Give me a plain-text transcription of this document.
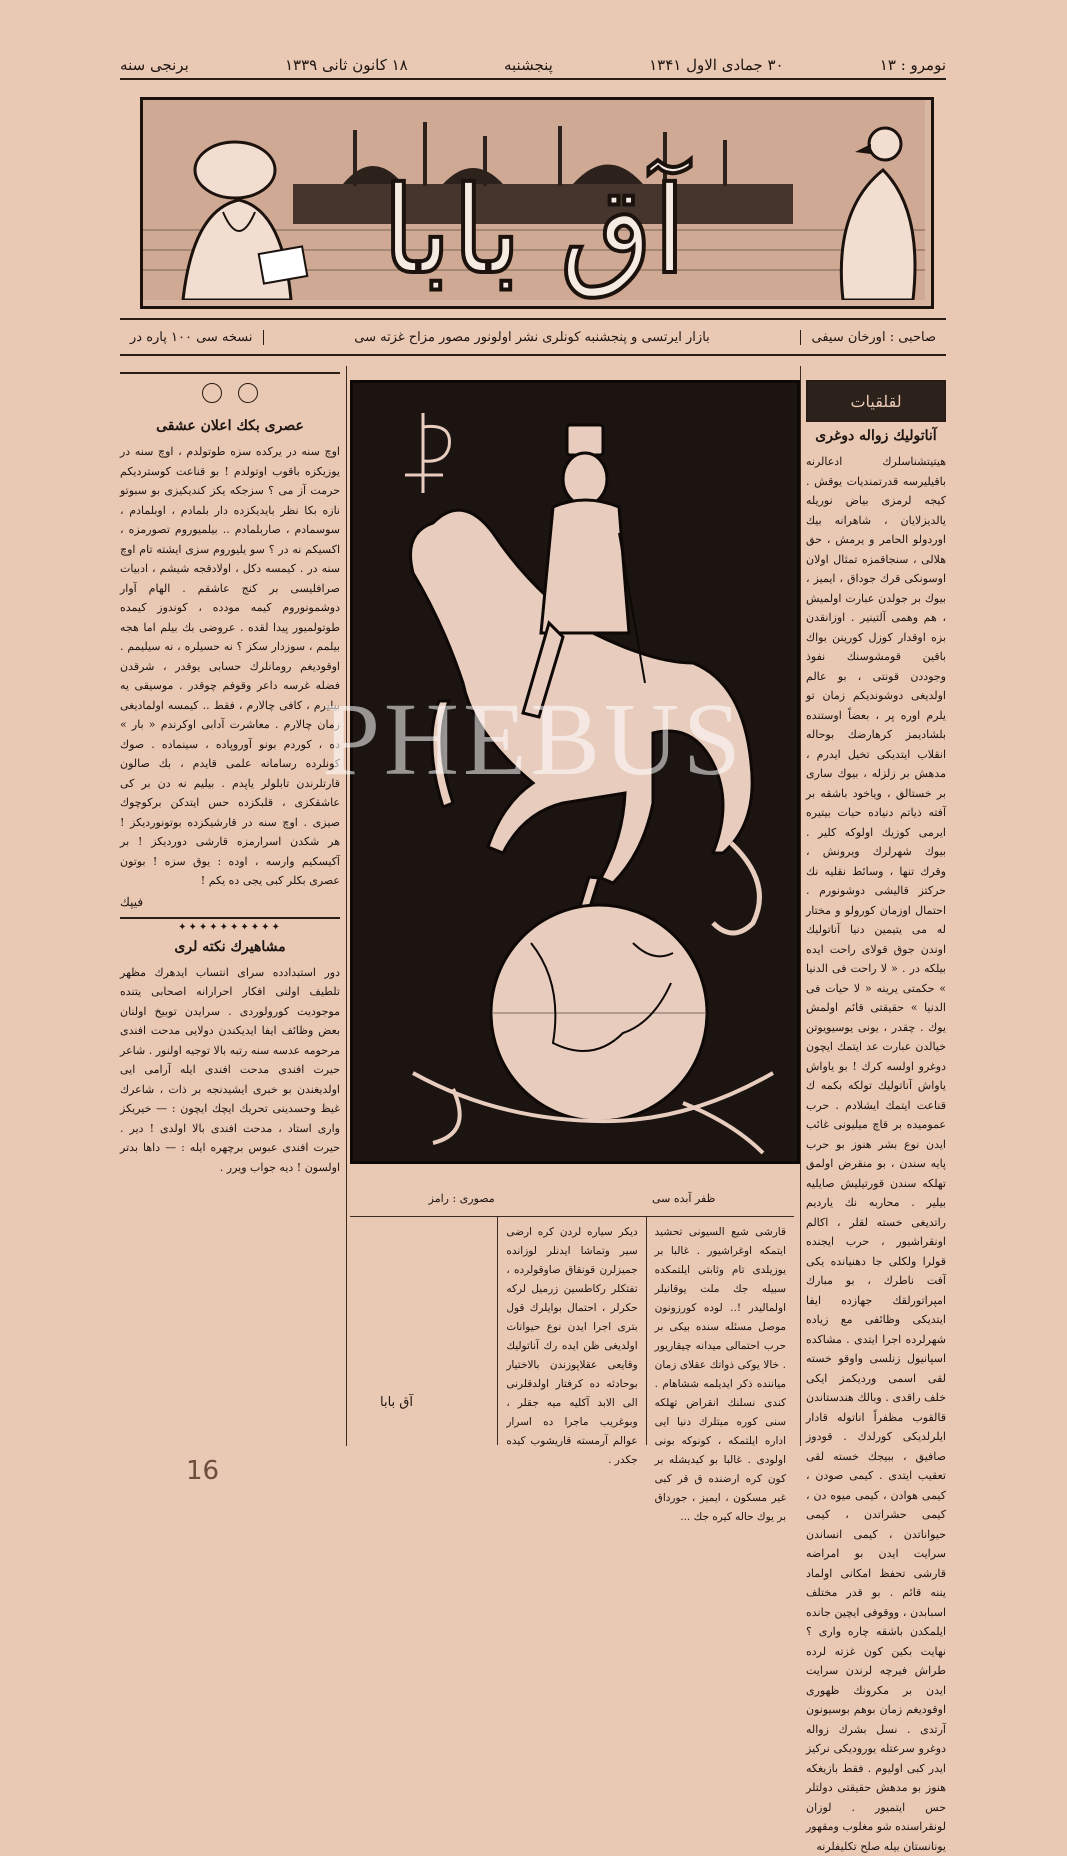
نومرو : ۱۳
۳۰ جمادی الاول ۱۳۴۱
پنجشنبه
۱۸ کانون ثانی ۱۳۳۹
برنجی سنه
آق بابا
صاحبی : اورخان سیفی
بازار ایرتسی و پنجشنبه کونلری نشر اولونور مصور مزاح غزته سی
نسخه سی ۱۰۰ پاره در
عصری بکك اعلان عشقی

اوچ سنه در یرکده سزه طوتولدم ، اوچ سنه در یوزیکزه باقوب اوتولدم ! بو قناعت کوستردیکم حرمت آز می ؟ سزجکه یکز کندیکیزی بو سبوتو نازه بکا نظر بایدیکزده دار بلمادم ، اوبلمادم ، سوسمادم ، صاربلمادم .. بیلمیوروم تصورمزه ، اکسیکم نه در ؟ سو یلیوروم سزی ایشته تام اوچ سنه در . کیمسه دکل ، اولادقجه شیشم ، ادبیات صرافلیسی بر کنج عاشقم . الهام آوار دوشمونوروم کیمه مودده ، کوندوز کیمده طوتولمیور پیدا لقده . عروضی بك بیلم اما هجه بیلمم ، سوزدار سکز ؟ نه حسیلره ، نه سیلیمم . اوقودیغم رومانلرك حسابی یوقدر ، شرقدن فضله غرسه داعر وقوفم چوقدر . موسیقی یه بیلیرم ، کافی چالارم ، فقط .. کیمسه اولمادیغی زمان چالارم . معاشرت آدابی اوکرندم « بار » ده ، کوردم بونو آوروپاده ، سینماده . صوك کونلرده رسامانه علمی قایدم ، بك صالون قارتلرندن تابلولر یاپدم . بیلیم نه دن بر کی عاشقکزی ، قلبکزده حس ایتدکن برکوچوك صیزی . اوچ سنه در قارشیکزده بوتونوردیکز ! هر شکدن اسرارمزه قارشی دوردیکز ! بر آکیسکیم وارسه ، اوده : یوق سزه ! بوتون عصری بکلر کبی یجی ده یکم !

فیپك
✦✦✦✦✦✦✦✦✦✦
مشاهیرك نکته لری

دور استبدادده سرای انتساب ایدهرك مظهر تلطیف اولنی افکار احرارانه اصحابی یتنده موجودیت کورولوردی . سرایدن توبیخ اولنان بعض وظائف ایفا ایدیکندن دولایی مدحت افندی مرحومه عدسه سنه رتبه بالا توجیه اولنور . شاعر حیرت افندی مدحت افندی ایله آرامی ایی اولدیغندن بو خبری ایشیدنجه بر ذات ، شاعرك غیظ وحسدینی تحریك ایچك ایچون : — خیریکز واری استاد ، مدحت افندی بالا اولدی ! دیر . حیرت افندی عبوس برچهره ایله : — داها بدتر اولسون ! دیه جواب ویرر .

لقلقیات
آناتولیك زواله دوغری

هیتیتشناسلرك ادعالرنه باقیلیرسه قدرتمندیات یوقش . کیجه لرمزی بیاض نوریله یالدیزلایان ، شاهرانه بیك اوردولو الحامر و یرمش ، حق هلالی ، سنجاقمزه تمثال اولان اوسونکی قرك جوداق ، ایمیز ، بیوك بر جولدن عبارت اولمیش ، هم وهمی آلتینیر . اوزانقدن بزه اوقدار کوزل کورینن بواك باقین قومشوسنك نفوذ وجوددن قونتی ، بو عالم اولدیغی دوشوندیکم زمان تو یلرم اوره پر ، بعضاً اوستنده بلشادیمز کرهارضك بوحاله انقلاب ایتدیکی تخیل ایدرم ، مدهش بر زلزله ، بیوك ساری بر خستالق ، ویاخود باشقه بر آفته ذیاتم دنیاده حیات بیتیره ایرمی کوزیك اولوکه کلیر . بیوك شهرلرك ویرونش ، وقرك تنها ، وسائط نقلیه نك حرکتز قالیشی دوشونورم . احتمال اوزمان کورولو و مختار له می یتیمین دنیا آناتولیك اوندن جوق قولای راحت ایده بیلکه در . « لا راحت فی الدنیا » حکمتی یرینه « لا حیات فی الدنیا » حقیقتی قائم اولمش یوك . چقدر ، یونی یوسیویوتن خیالدن عبارت عد ایتمك ایچون دوغرو اولسه کرك ! بو یاواش یاواش آناتولیك تولکه بکمه ك قناعت ایتمك ایشلادم . حرب عمومیده بر قاچ میلیونی غائب ایدن نوع بشر هنوز بو حرب پایه سندن ، بو منقرض اولمق تهلکه سندن قورتیلیش صایلیه بیلیر . محاربه نك یاردیم راتدیغی خسته لقلر ، اکالم اونقراشیور ، حرب ایجنده قولرا ولکلی جا دهنیانده یکی آفت ناطرك ، بو مبارك امپراتورلقك جهازده ایفا ایتدیکی وظائفی مع زیاده شهرلرده اجرا ایتدی . مشاکده اسپانیول زنلسی واوقو خسته لقی اسمی وردیکمز ایکی خلف راقدی . وبالك هندستاندن قالقوب مظفراً اناتوله قادار ایلرلدیکی کورلدك . قودوز صافیق ، ببیجك خسته لقی تعقیب ایتدی . کیمی صودن ، کیمی هوادن ، کیمی میوه دن ، کیمی حشراتدن ، کیمی حیواناتدن ، کیمی انساندن سرایت ایدن بو امراضه قارشی تحفظ امکانی اولماد یننه قائم . بو قدر مختلف اسبابدن ، ووقوفی ایچین جانده ایلمکدن باشقه چاره واری ؟ نهایت بکین کون غزته لرده طراش فیرچه لرندن سرایت ایدن بر مکرونك ظهوری اوقودیغم زمان بوهم بوسیونون آرتدی . نسل بشرك زواله دوغرو سرعتله یورودیکی نرکیز ایدر کبی اولیوم . فقط بازیغکه هنوز بو مدهش حقیقتی دولتلر حس ایتمیور . لوزان لونقراسنده شو مغلوب ومقهور یونانستان بیله صلح تکلیفلرنه

ظفر آبده سی
مصوری : رامز
قارشی شیع السیونی تحشید ایتمکه اوغراشیور . غالبا بر یوزیلدی تام وثابتی ایلتمکده سبیله جك ملت یوقانیلر اولمالیدر !.. لوده کورزونون موصل مسئله سنده بیکی بر حرب احتمالی میدانه چیقاریور . خالا یوکی ذواتك عقلای زمان میاننده ذکر ایدیلمه ششاهام . کندی نسلنك انقراض تهلکه سنی کوره میتلرك دنیا ایی اداره ایلتمکه ، کونوکه بونی اولودی . غالبا بو کیدیشله بر کون کره ارضنده ق قر کبی غیر مسکون ، ایمیز ، جورداق بر یوك حاله کیره جك ...
دیکر سیاره لردن کره ارضی سیر وتماشا ایدنلر لوزانده جمیزلرن قونقاق صاوقولرده ، تفتکلر رکاطسین زرمیل لرکه حکرلر ، احتمال بوایلرك قول بتری اجرا ایدن نوع حیوانات اولدیغی ظن ایده رك آناتولیك وقایعی عقلاپوزندن بالاختیار بوحادثه ده کرفتار اولدقلرنی الی الابد آکلیه میه جقلر ، وبوغریب ماجرا ده اسرار عوالم آرمسته قاریشوب کیده جکدر .
آق بابا
PHEBUS
16
